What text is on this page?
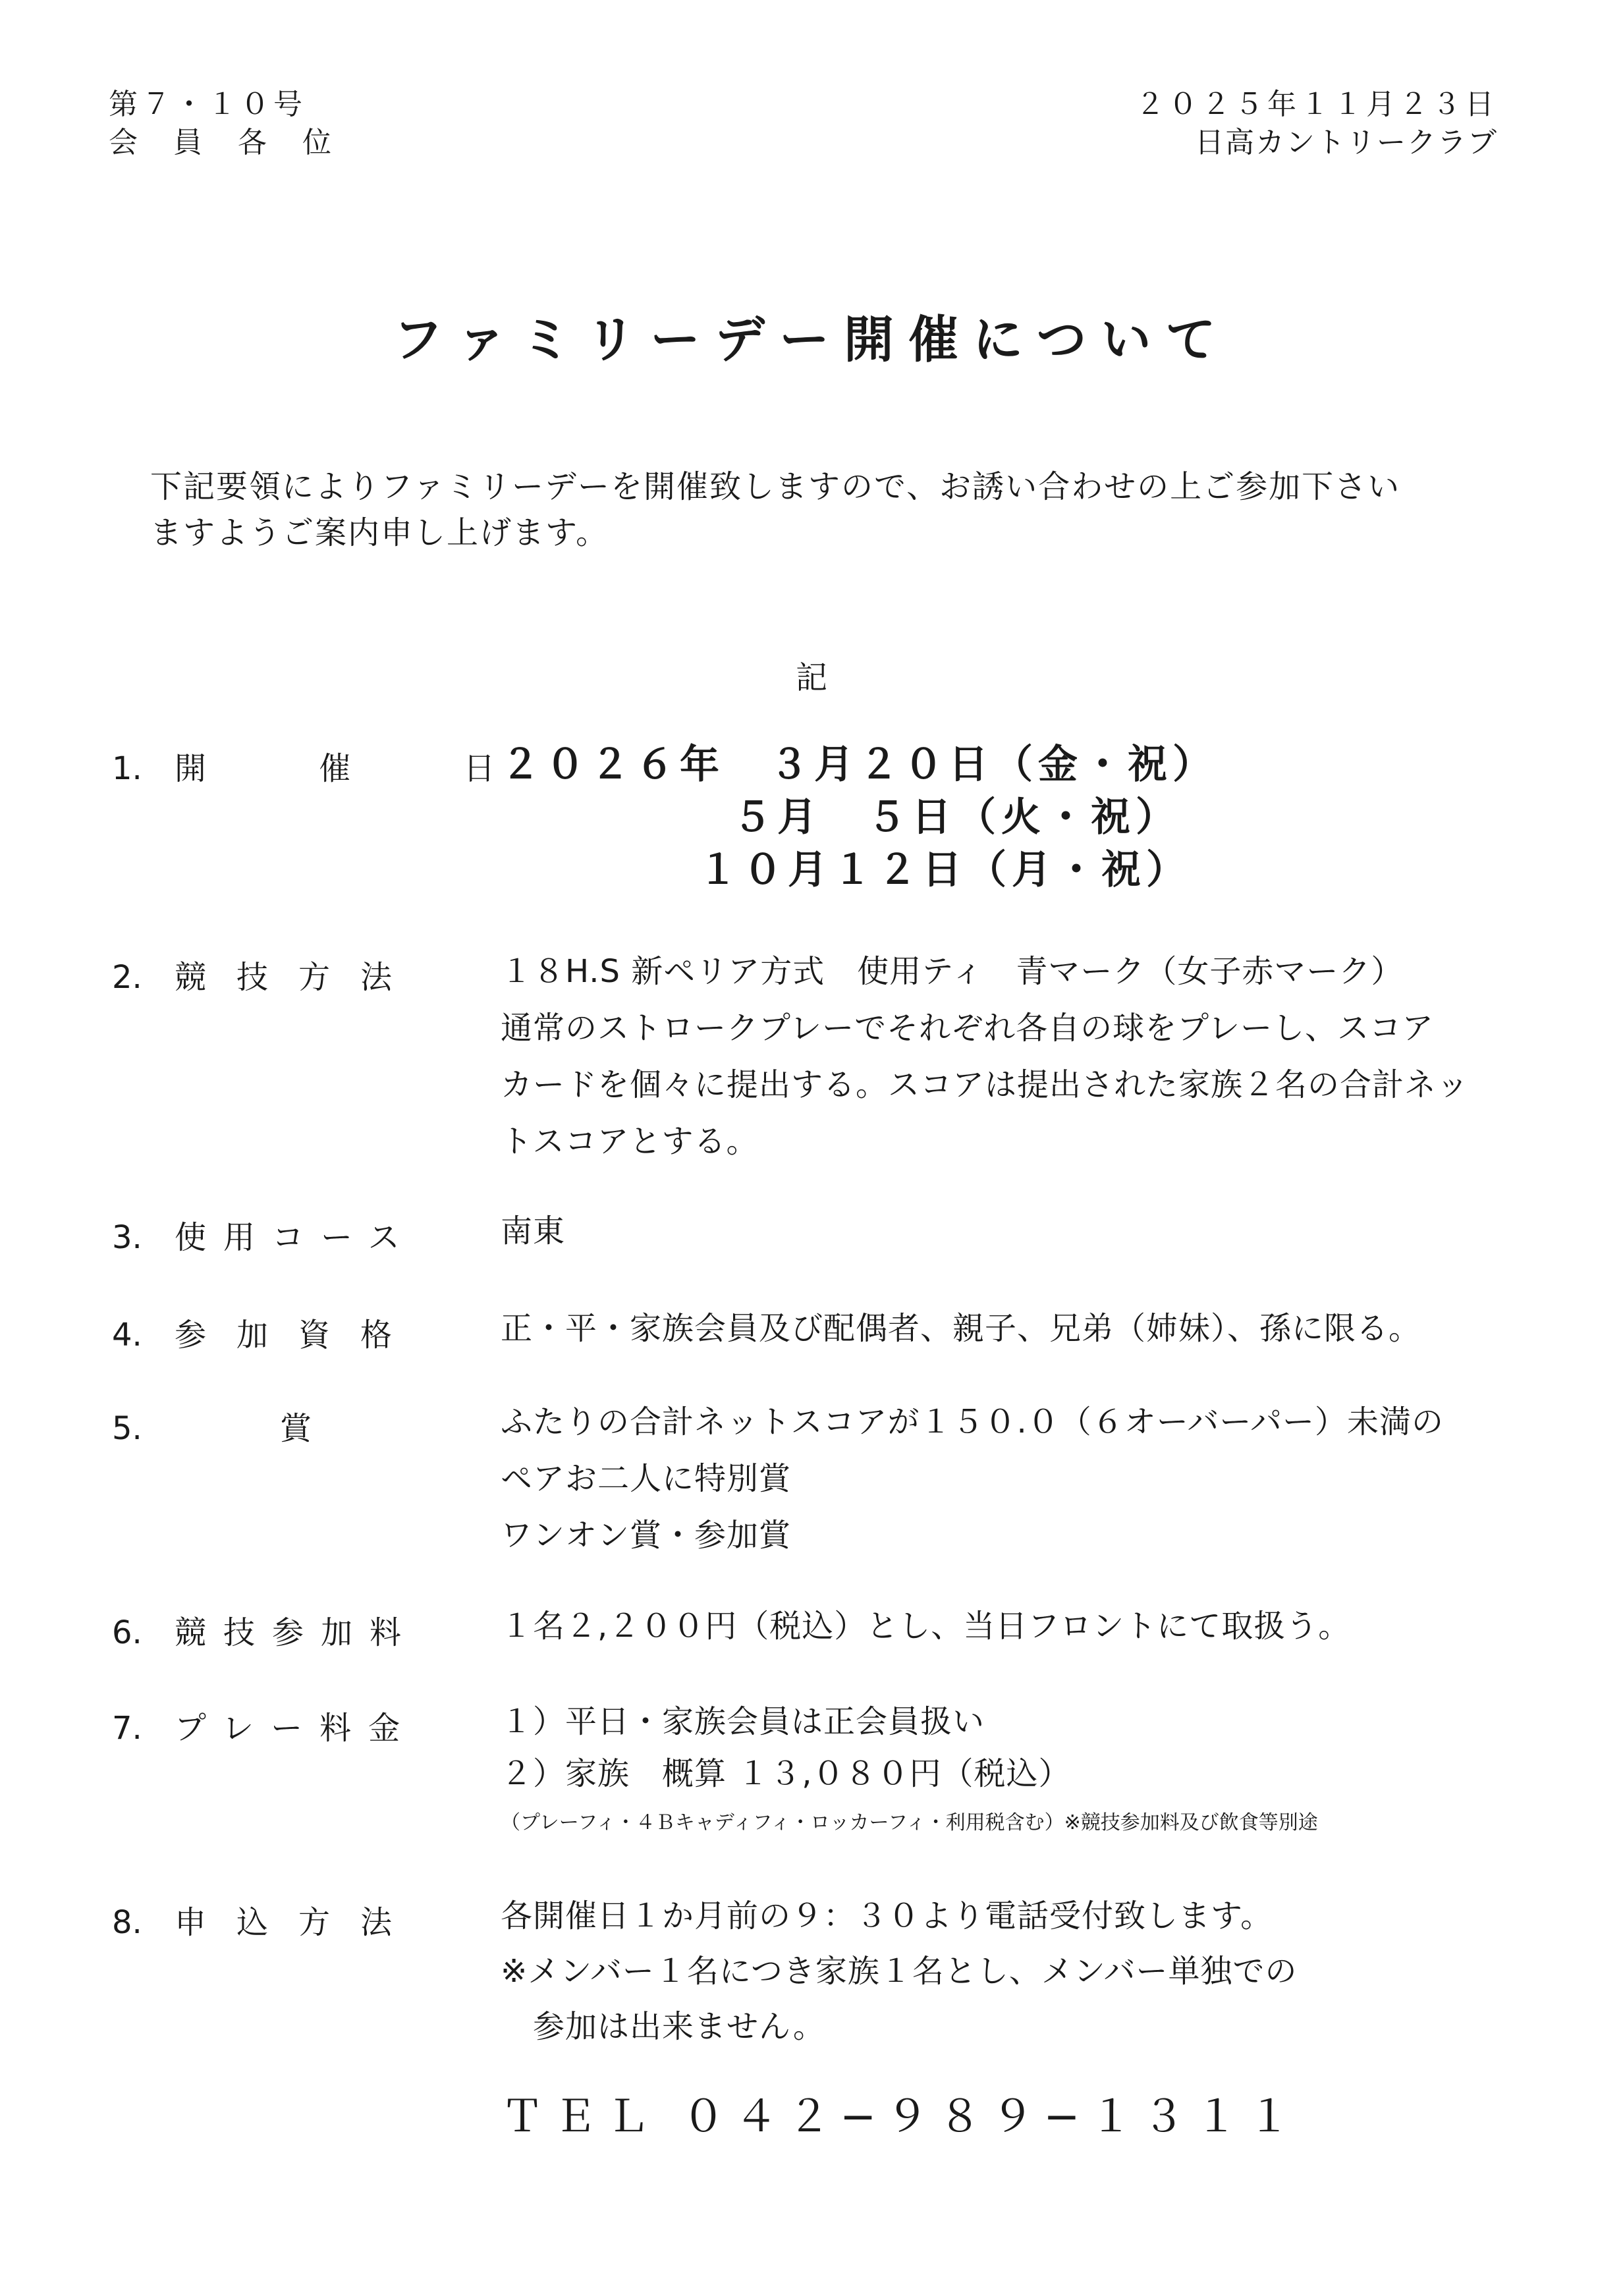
第７・１０号
会 員 各 位
２０２５年１１月２３日
日高カントリークラブ
ファミリーデー開催について
下記要領によりファミリーデーを開催致しますので、お誘い合わせの上ご参加下さい
ますようご案内申し上げます。
記
1. 開 催 日
２０２６年　３月２０日（金・祝）
５月　５日（火・祝）
１０月１２日（月・祝）
2. 競技方法 １８H.S 新ペリア方式　使用ティ　青マーク（女子赤マーク）
通常のストロークプレーでそれぞれ各自の球をプレーし、スコア
カードを個々に提出する。スコアは提出された家族２名の合計ネッ
トスコアとする。
3. 使用コース	南東
4. 参加資格 正・平・家族会員及び配偶者、親子、兄弟（姉妹）、孫に限る。
5.	賞	ふたりの合計ネットスコアが１５０.０（６オーバーパー）未満の
ペアお二人に特別賞
ワンオン賞・参加賞
6. 競技参加料	１名２,２００円（税込）とし、当日フロントにて取扱う。
7. プレー料金	１）平日・家族会員は正会員扱い
２）家族　概算 １３,０８０円（税込）
（プレーフィ・４Ｂキャディフィ・ロッカーフィ・利用税含む）※競技参加料及び飲食等別途
8. 申込方法 各開催日１か月前の９：３０より電話受付致します。
※メンバー１名につき家族１名とし、メンバー単独での
　参加は出来ません。
ＴＥＬ ０４２−９８９−１３１１
